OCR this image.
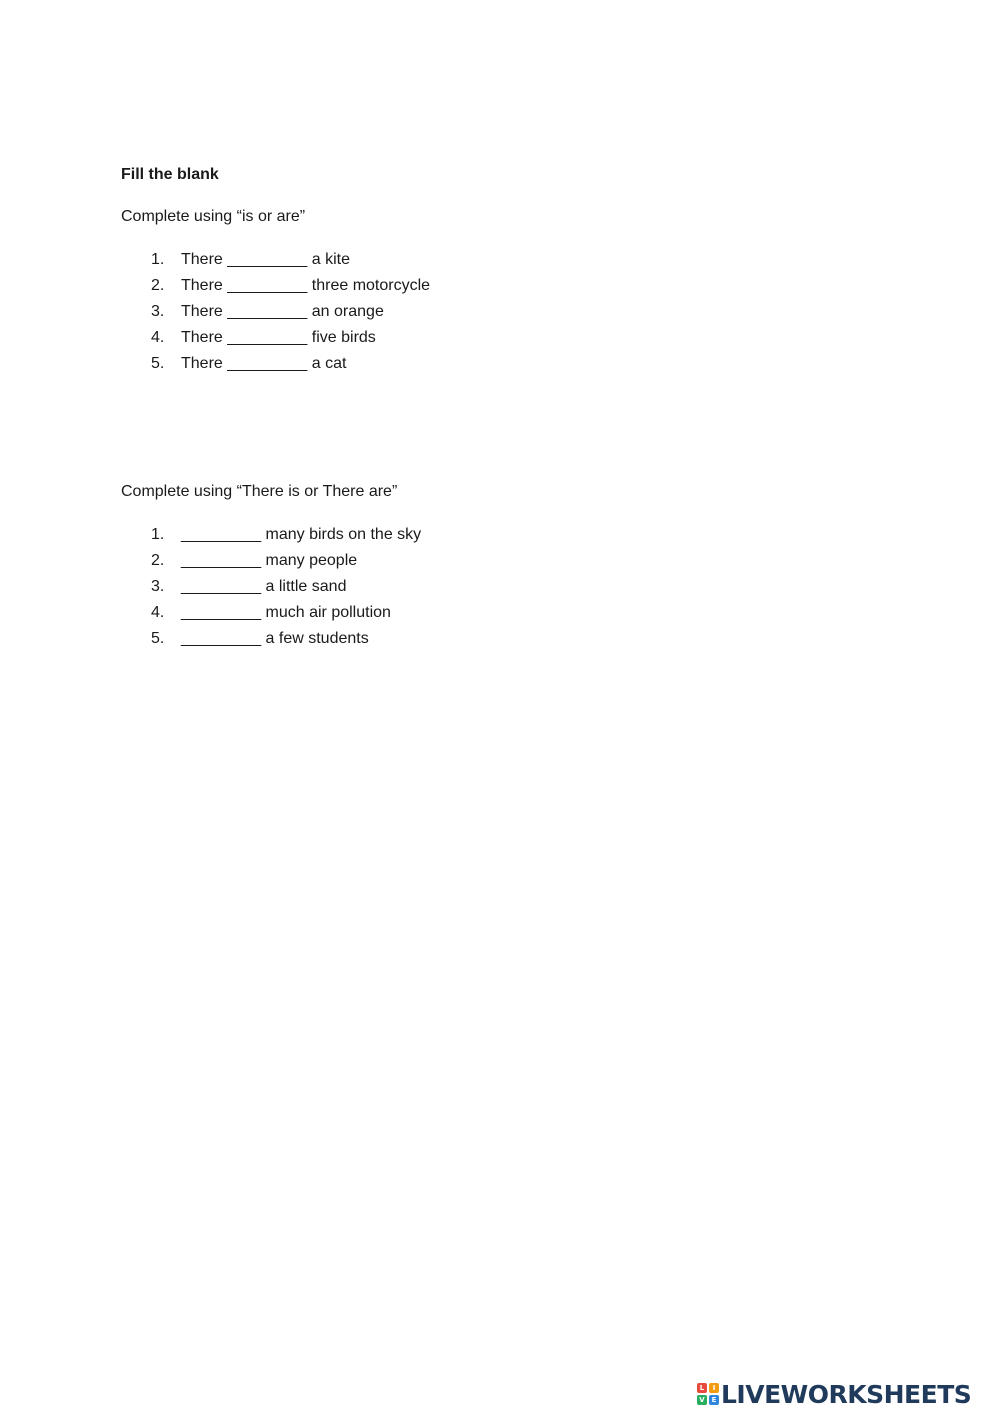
Fill the blank
Complete using “is or are”
1.	There _________ a kite
2.	There _________ three motorcycle
3.	There _________ an orange
4.	There _________ five birds
5.	There _________ a cat
Complete using “There is or There are”
1.	_________ many birds on the sky
2.	_________ many people
3.	_________ a little sand
4.	_________ much air pollution
5.	_________ a few students
L	I
V E LIVEWORKSHEETS
